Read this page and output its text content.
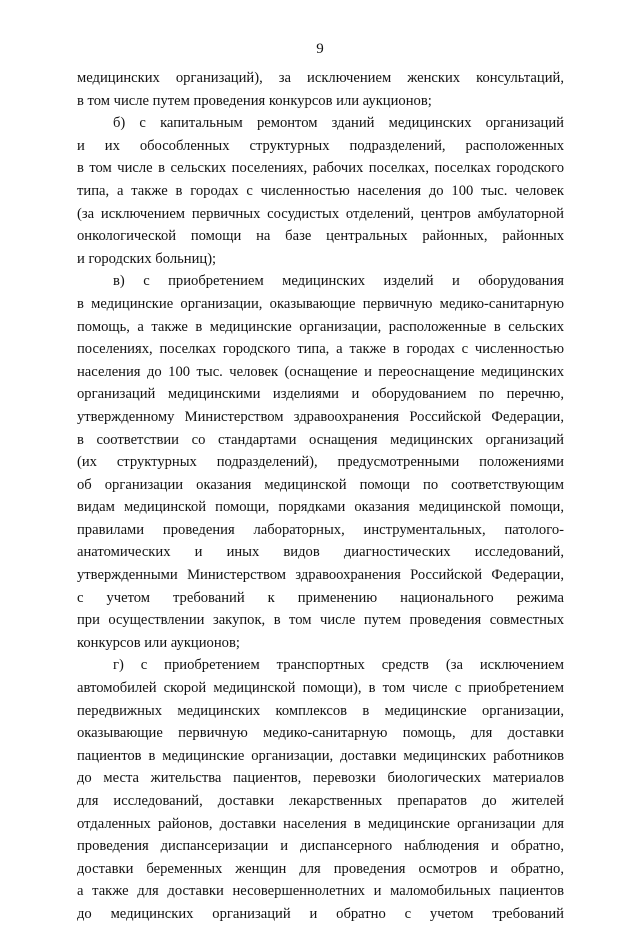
9
медицинских организаций), за исключением женских консультаций,
в том числе путем проведения конкурсов или аукционов;
б) с капитальным ремонтом зданий медицинских организаций
и их обособленных структурных подразделений, расположенных
в том числе в сельских поселениях, рабочих поселках, поселках городского
типа, а также в городах с численностью населения до 100 тыс. человек
(за исключением первичных сосудистых отделений, центров амбулаторной
онкологической помощи на базе центральных районных, районных
и городских больниц);
в) с приобретением медицинских изделий и оборудования
в медицинские организации, оказывающие первичную медико-санитарную
помощь, а также в медицинские организации, расположенные в сельских
поселениях, поселках городского типа, а также в городах с численностью
населения до 100 тыс. человек (оснащение и переоснащение медицинских
организаций медицинскими изделиями и оборудованием по перечню,
утвержденному Министерством здравоохранения Российской Федерации,
в соответствии со стандартами оснащения медицинских организаций
(их структурных подразделений), предусмотренными положениями
об организации оказания медицинской помощи по соответствующим
видам медицинской помощи, порядками оказания медицинской помощи,
правилами проведения лабораторных, инструментальных, патолого-
анатомических и иных видов диагностических исследований,
утвержденными Министерством здравоохранения Российской Федерации,
с учетом требований к применению национального режима
при осуществлении закупок, в том числе путем проведения совместных
конкурсов или аукционов;
г) с приобретением транспортных средств (за исключением
автомобилей скорой медицинской помощи), в том числе с приобретением
передвижных медицинских комплексов в медицинские организации,
оказывающие первичную медико-санитарную помощь, для доставки
пациентов в медицинские организации, доставки медицинских работников
до места жительства пациентов, перевозки биологических материалов
для исследований, доставки лекарственных препаратов до жителей
отдаленных районов, доставки населения в медицинские организации для
проведения диспансеризации и диспансерного наблюдения и обратно,
доставки беременных женщин для проведения осмотров и обратно,
а также для доставки несовершеннолетних и маломобильных пациентов
до медицинских организаций и обратно с учетом требований
